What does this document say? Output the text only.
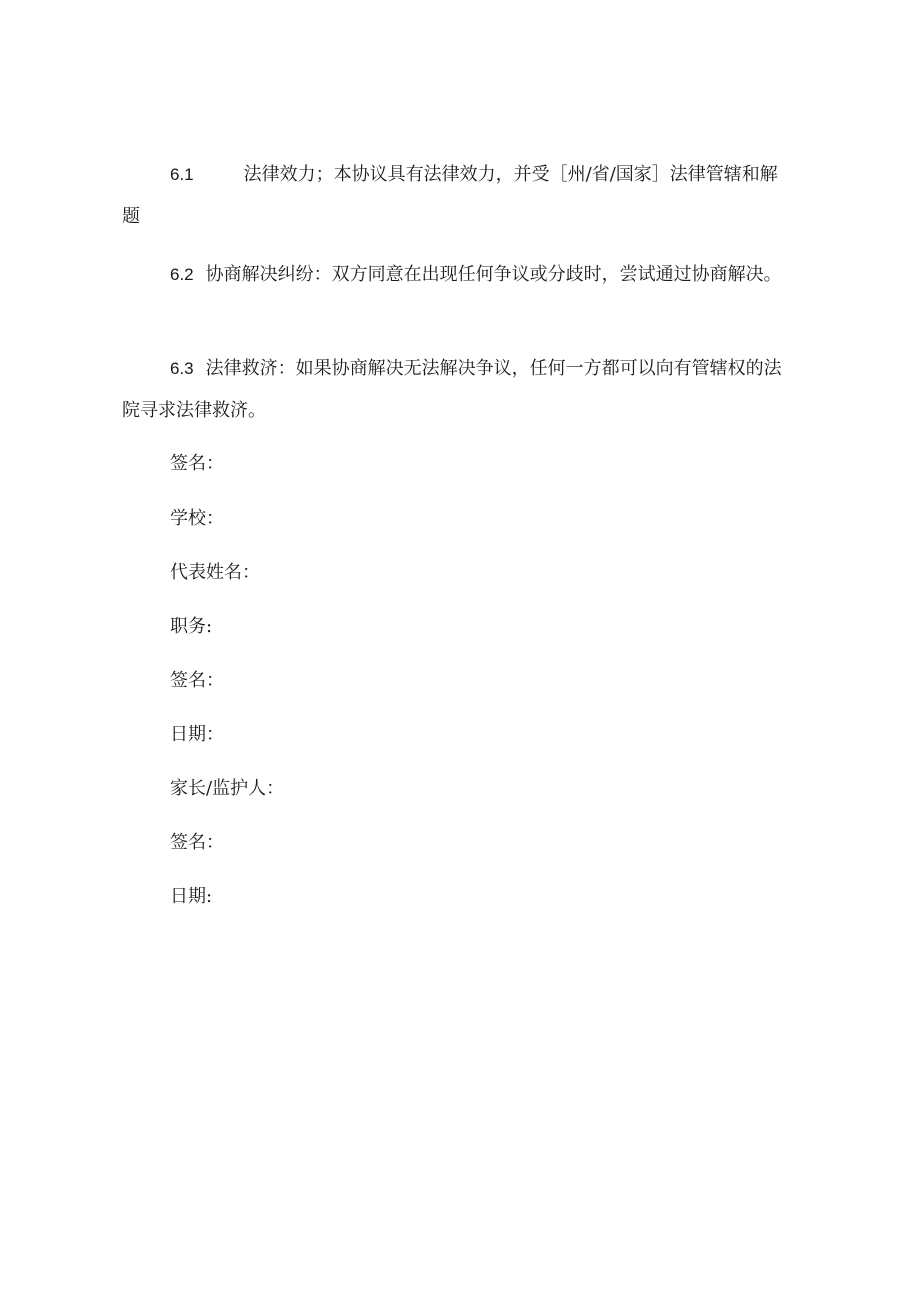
6.1	法律效力；本协议具有法律效力，并受［州/省/国家］法律管辖和解题

6.2 协商解决纠纷：双方同意在出现任何争议或分歧时，尝试通过协商解决。

6.3 法律救济：如果协商解决无法解决争议，任何一方都可以向有管辖权的法院寻求法律救济。

签名：

学校：

代表姓名：

职务:

签名：

日期：

家长/监护人：

签名：

日期:
